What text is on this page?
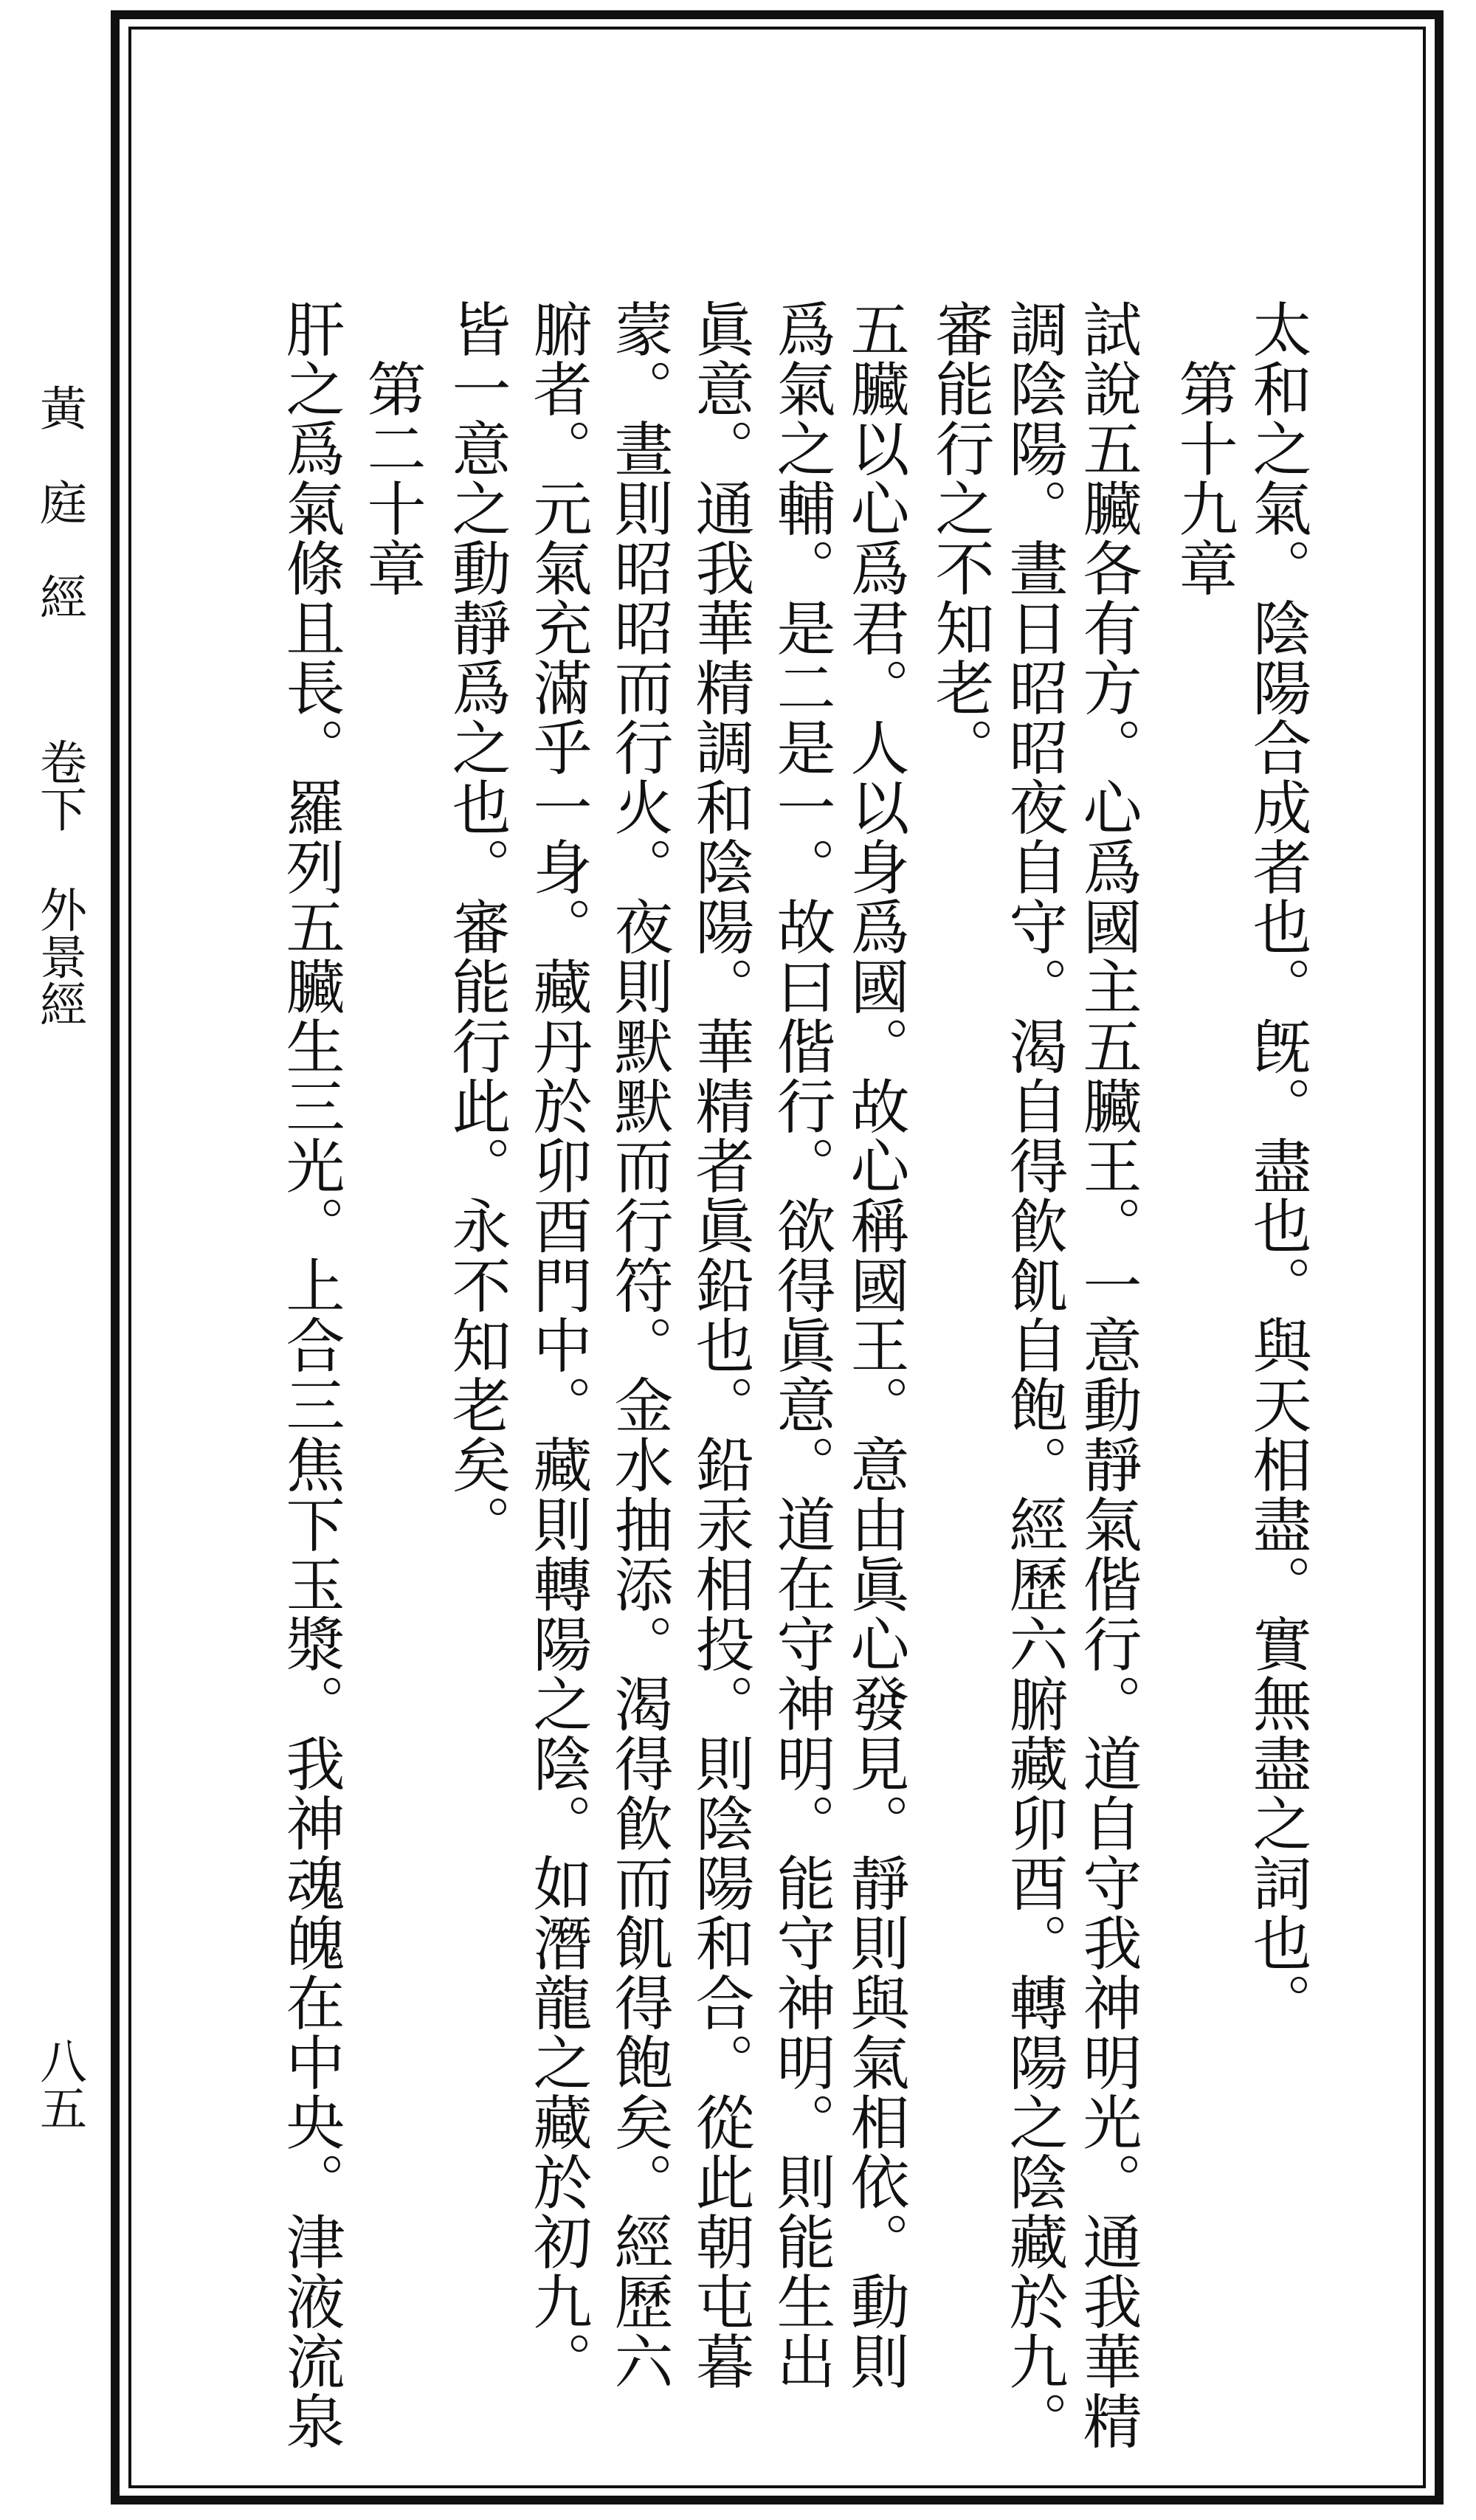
黃　庭　經
卷下
外景經
八五
太和之氣。陰陽合成者也。旣。盡也。與天相盡。實無盡之詞也。
　第十九章
審能行之不知老。 調陰陽。晝日昭昭夜自守。渴自得飮飢自飽。經歷六腑藏卯酉。轉陽之陰藏於九。 試說五臟各有方。心爲國主五臟王。一意動靜氣偕行。道自守我神明光。通我華精
五臟以心爲君。人以身爲國。故心稱國王。意由眞心發見。靜則與氣相依。動則
爲氣之輔。是二是一。故曰偕行。欲得眞意。道在守神明。能守神明。則能生出
眞意。通我華精調和陰陽。華精者眞鉛也。鉛汞相投。則陰陽和合。從此朝屯暮
蒙。晝則昭昭而行火。夜則默默而行符。金水抽添。渴得飮而飢得飽矣。經歷六
腑者。元氣充滿乎一身。藏丹於卯酉門中。藏則轉陽之陰。如潛龍之藏於初九。
皆一意之動靜爲之也。審能行此。永不知老矣。
　第二十章
肝之爲氣條且長。羅列五臟生三光。上合三焦下玉漿。我神魂魄在中央。津液流泉
